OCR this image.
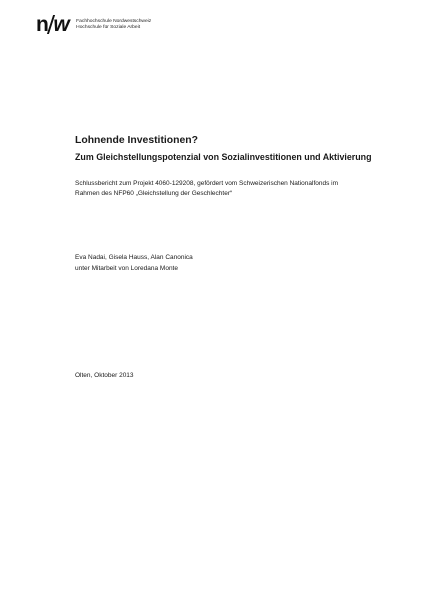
n w Fachhochschule Nordwestschweiz
Hochschule für Soziale Arbeit
Lohnende Investitionen?
Zum Gleichstellungspotenzial von Sozialinvestitionen und Aktivierung
Schlussbericht zum Projekt 4060-129208, gefördert vom Schweizerischen Nationalfonds im
Rahmen des NFP60 „Gleichstellung der Geschlechter“
Eva Nadai, Gisela Hauss, Alan Canonica
unter Mitarbeit von Loredana Monte
Olten, Oktober 2013
